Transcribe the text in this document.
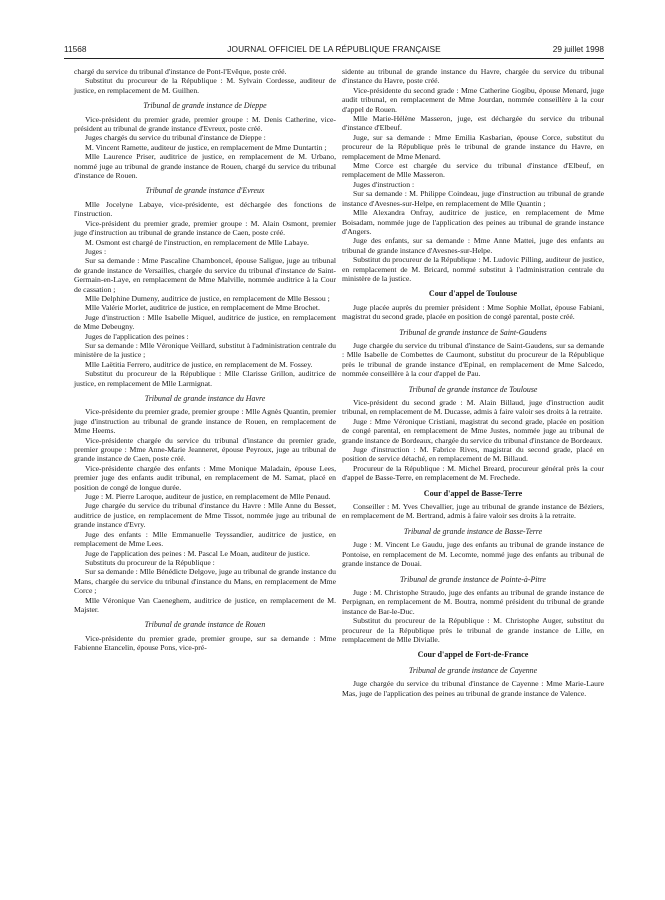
11568	JOURNAL OFFICIEL DE LA RÉPUBLIQUE FRANÇAISE	29 juillet 1998

chargé du service du tribunal d'instance de Pont-l'Evêque, poste créé.

Substitut du procureur de la République : M. Sylvain Cordesse, auditeur de justice, en remplacement de M. Guilhen.

Tribunal de grande instance de Dieppe

Vice-président du premier grade, premier groupe : M. Denis Catherine, vice-président au tribunal de grande instance d'Evreux, poste créé.

Juges chargés du service du tribunal d'instance de Dieppe :

M. Vincent Ramette, auditeur de justice, en remplacement de Mme Duntartin ;

Mlle Laurence Priser, auditrice de justice, en remplacement de M. Urbano, nommé juge au tribunal de grande instance de Rouen, chargé du service du tribunal d'instance de Rouen.

Tribunal de grande instance d'Evreux

Mlle Jocelyne Labaye, vice-présidente, est déchargée des fonctions de l'instruction.

Vice-président du premier grade, premier groupe : M. Alain Osmont, premier juge d'instruction au tribunal de grande instance de Caen, poste créé.

M. Osmont est chargé de l'instruction, en remplacement de Mlle Labaye.

Juges :

Sur sa demande : Mme Pascaline Chamboncel, épouse Saligue, juge au tribunal de grande instance de Versailles, chargée du service du tribunal d'instance de Saint-Germain-en-Laye, en remplacement de Mme Malville, nommée auditrice à la Cour de cassation ;

Mlle Delphine Dumeny, auditrice de justice, en remplacement de Mlle Bessou ;

Mlle Valérie Morlet, auditrice de justice, en remplacement de Mme Brochet.

Juge d'instruction : Mlle Isabelle Miquel, auditrice de justice, en remplacement de Mme Debeugny.

Juges de l'application des peines :

Sur sa demande : Mlle Véronique Veillard, substitut à l'administration centrale du ministère de la justice ;

Mlle Laëtitia Ferrero, auditrice de justice, en remplacement de M. Fossey.

Substitut du procureur de la République : Mlle Clarisse Grillon, auditrice de justice, en remplacement de Mlle Larmignat.

Tribunal de grande instance du Havre

Vice-présidente du premier grade, premier groupe : Mlle Agnès Quantin, premier juge d'instruction au tribunal de grande instance de Rouen, en remplacement de Mme Heems.

Vice-présidente chargée du service du tribunal d'instance du premier grade, premier groupe : Mme Anne-Marie Jeanneret, épouse Peyroux, juge au tribunal de grande instance de Caen, poste créé.

Vice-présidente chargée des enfants : Mme Monique Maladain, épouse Lees, premier juge des enfants audit tribunal, en remplacement de M. Samat, placé en position de congé de longue durée.

Juge : M. Pierre Laroque, auditeur de justice, en remplacement de Mlle Penaud.

Juge chargée du service du tribunal d'instance du Havre : Mlle Anne du Besset, auditrice de justice, en remplacement de Mme Tissot, nommée juge au tribunal de grande instance d'Evry.

Juge des enfants : Mlle Emmanuelle Teyssandier, auditrice de justice, en remplacement de Mme Lees.

Juge de l'application des peines : M. Pascal Le Moan, auditeur de justice.

Substituts du procureur de la République :

Sur sa demande : Mlle Bénédicte Delgove, juge au tribunal de grande instance du Mans, chargée du service du tribunal d'instance du Mans, en remplacement de Mme Corce ;

Mlle Véronique Van Caeneghem, auditrice de justice, en remplacement de M. Majster.

Tribunal de grande instance de Rouen

Vice-présidente du premier grade, premier groupe, sur sa demande : Mme Fabienne Etancelin, épouse Pons, vice-pré-

sidente au tribunal de grande instance du Havre, chargée du service du tribunal d'instance du Havre, poste créé.

Vice-présidente du second grade : Mme Catherine Gogibu, épouse Menard, juge audit tribunal, en remplacement de Mme Jourdan, nommée conseillère à la cour d'appel de Rouen.

Mlle Marie-Hélène Masseron, juge, est déchargée du service du tribunal d'instance d'Elbeuf.

Juge, sur sa demande : Mme Emilia Kasbarian, épouse Corce, substitut du procureur de la République près le tribunal de grande instance du Havre, en remplacement de Mme Menard.

Mme Corce est chargée du service du tribunal d'instance d'Elbeuf, en remplacement de Mlle Masseron.

Juges d'instruction :

Sur sa demande : M. Philippe Coindeau, juge d'instruction au tribunal de grande instance d'Avesnes-sur-Helpe, en remplacement de Mlle Quantin ;

Mlle Alexandra Onfray, auditrice de justice, en remplacement de Mme Boisadam, nommée juge de l'application des peines au tribunal de grande instance d'Angers.

Juge des enfants, sur sa demande : Mme Anne Mattei, juge des enfants au tribunal de grande instance d'Avesnes-sur-Helpe.

Substitut du procureur de la République : M. Ludovic Pilling, auditeur de justice, en remplacement de M. Bricard, nommé substitut à l'administration centrale du ministère de la justice.

Cour d'appel de Toulouse

Juge placée auprès du premier président : Mme Sophie Mollat, épouse Fabiani, magistrat du second grade, placée en position de congé parental, poste créé.

Tribunal de grande instance de Saint-Gaudens

Juge chargée du service du tribunal d'instance de Saint-Gaudens, sur sa demande : Mlle Isabelle de Combettes de Caumont, substitut du procureur de la République près le tribunal de grande instance d'Epinal, en remplacement de Mme Salcedo, nommée conseillère à la cour d'appel de Pau.

Tribunal de grande instance de Toulouse

Vice-président du second grade : M. Alain Billaud, juge d'instruction audit tribunal, en remplacement de M. Ducasse, admis à faire valoir ses droits à la retraite.

Juge : Mme Véronique Cristiani, magistrat du second grade, placée en position de congé parental, en remplacement de Mme Justes, nommée juge au tribunal de grande instance de Bordeaux, chargée du service du tribunal d'instance de Bordeaux.

Juge d'instruction : M. Fabrice Rives, magistrat du second grade, placé en position de service détaché, en remplacement de M. Billaud.

Procureur de la République : M. Michel Breard, procureur général près la cour d'appel de Basse-Terre, en remplacement de M. Frechede.

Cour d'appel de Basse-Terre

Conseiller : M. Yves Chevallier, juge au tribunal de grande instance de Béziers, en remplacement de M. Bertrand, admis à faire valoir ses droits à la retraite.

Tribunal de grande instance de Basse-Terre

Juge : M. Vincent Le Gaudu, juge des enfants au tribunal de grande instance de Pontoise, en remplacement de M. Lecomte, nommé juge des enfants au tribunal de grande instance de Douai.

Tribunal de grande instance de Pointe-à-Pitre

Juge : M. Christophe Straudo, juge des enfants au tribunal de grande instance de Perpignan, en remplacement de M. Boutra, nommé président du tribunal de grande instance de Bar-le-Duc.

Substitut du procureur de la République : M. Christophe Auger, substitut du procureur de la République près le tribunal de grande instance de Lille, en remplacement de Mlle Divialle.

Cour d'appel de Fort-de-France
Tribunal de grande instance de Cayenne

Juge chargée du service du tribunal d'instance de Cayenne : Mme Marie-Laure Mas, juge de l'application des peines au tribunal de grande instance de Valence.
